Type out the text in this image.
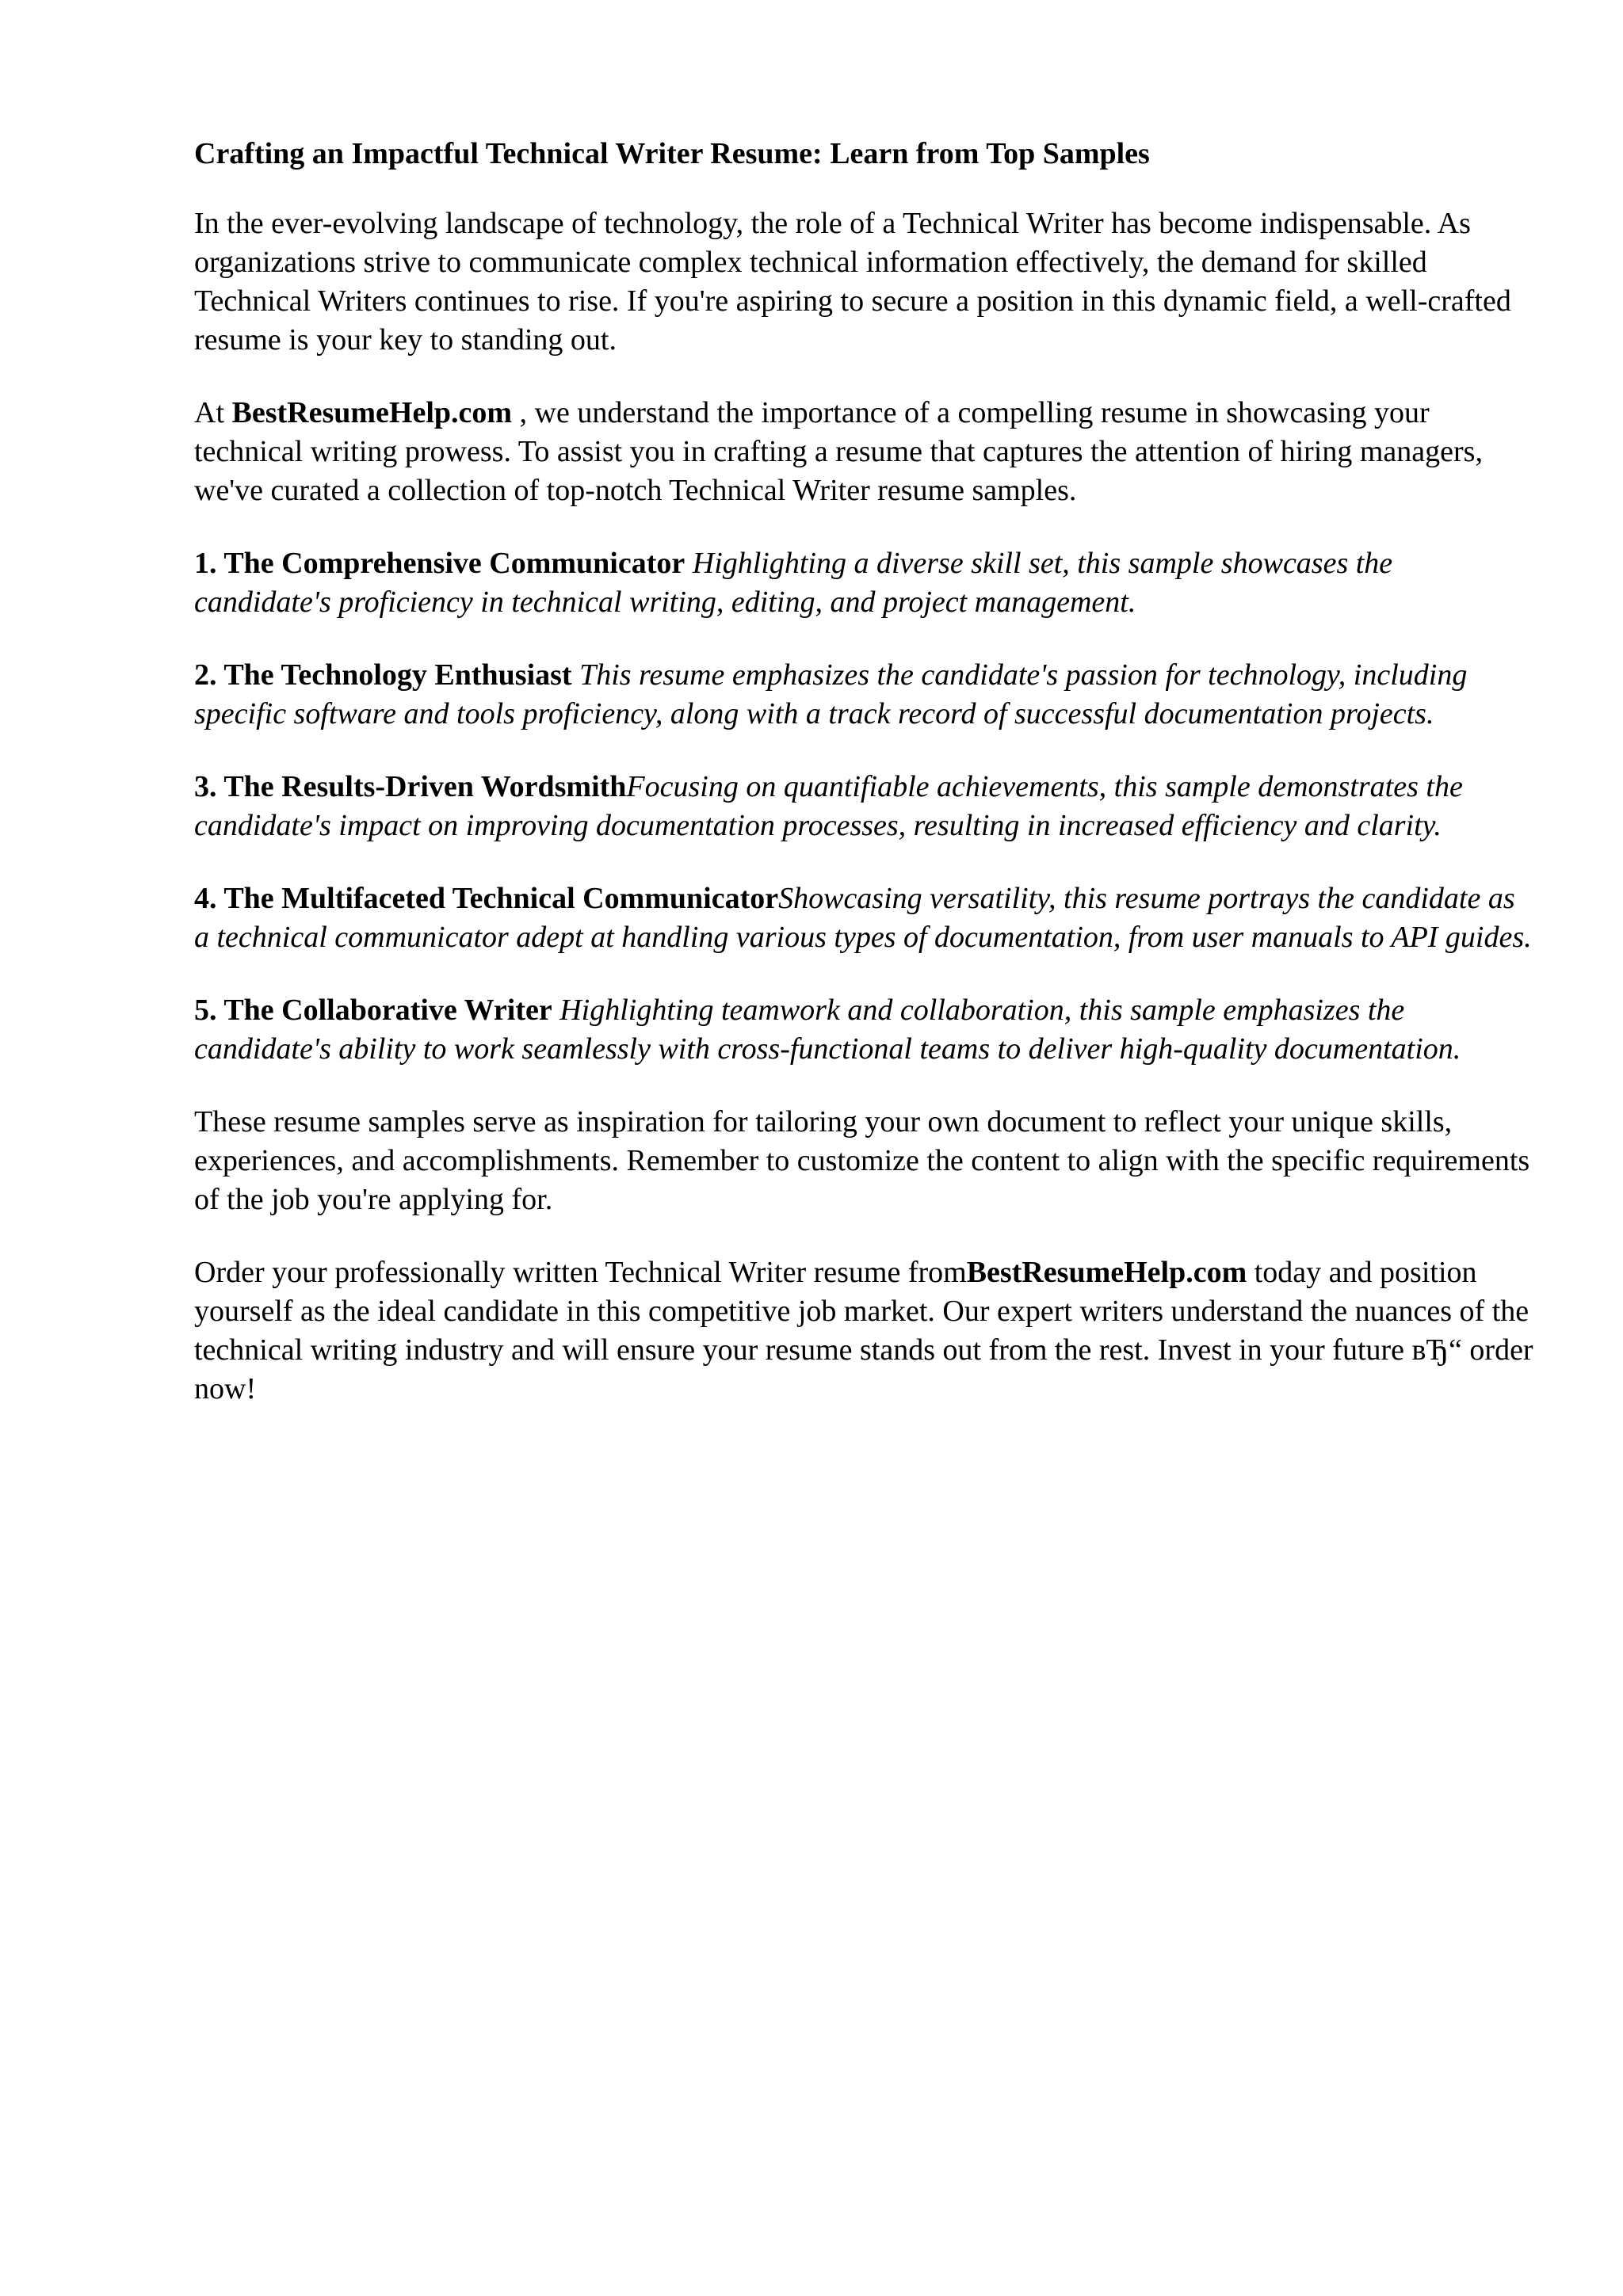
Crafting an Impactful Technical Writer Resume: Learn from Top Samples

In the ever-evolving landscape of technology, the role of a Technical Writer has become indispensable. As organizations strive to communicate complex technical information effectively, the demand for skilled Technical Writers continues to rise. If you're aspiring to secure a position in this dynamic field, a well-crafted resume is your key to standing out.

At BestResumeHelp.com , we understand the importance of a compelling resume in showcasing your technical writing prowess. To assist you in crafting a resume that captures the attention of hiring managers, we've curated a collection of top-notch Technical Writer resume samples.

1. The Comprehensive Communicator Highlighting a diverse skill set, this sample showcases the candidate's proficiency in technical writing, editing, and project management.

2. The Technology Enthusiast This resume emphasizes the candidate's passion for technology, including specific software and tools proficiency, along with a track record of successful documentation projects.

3. The Results-Driven WordsmithFocusing on quantifiable achievements, this sample demonstrates the candidate's impact on improving documentation processes, resulting in increased efficiency and clarity.

4. The Multifaceted Technical CommunicatorShowcasing versatility, this resume portrays the candidate as a technical communicator adept at handling various types of documentation, from user manuals to API guides.

5. The Collaborative Writer Highlighting teamwork and collaboration, this sample emphasizes the candidate's ability to work seamlessly with cross-functional teams to deliver high-quality documentation.

These resume samples serve as inspiration for tailoring your own document to reflect your unique skills, experiences, and accomplishments. Remember to customize the content to align with the specific requirements of the job you're applying for.

Order your professionally written Technical Writer resume fromBestResumeHelp.com today and position yourself as the ideal candidate in this competitive job market. Our expert writers understand the nuances of the technical writing industry and will ensure your resume stands out from the rest. Invest in your future вЂ“ order now!
